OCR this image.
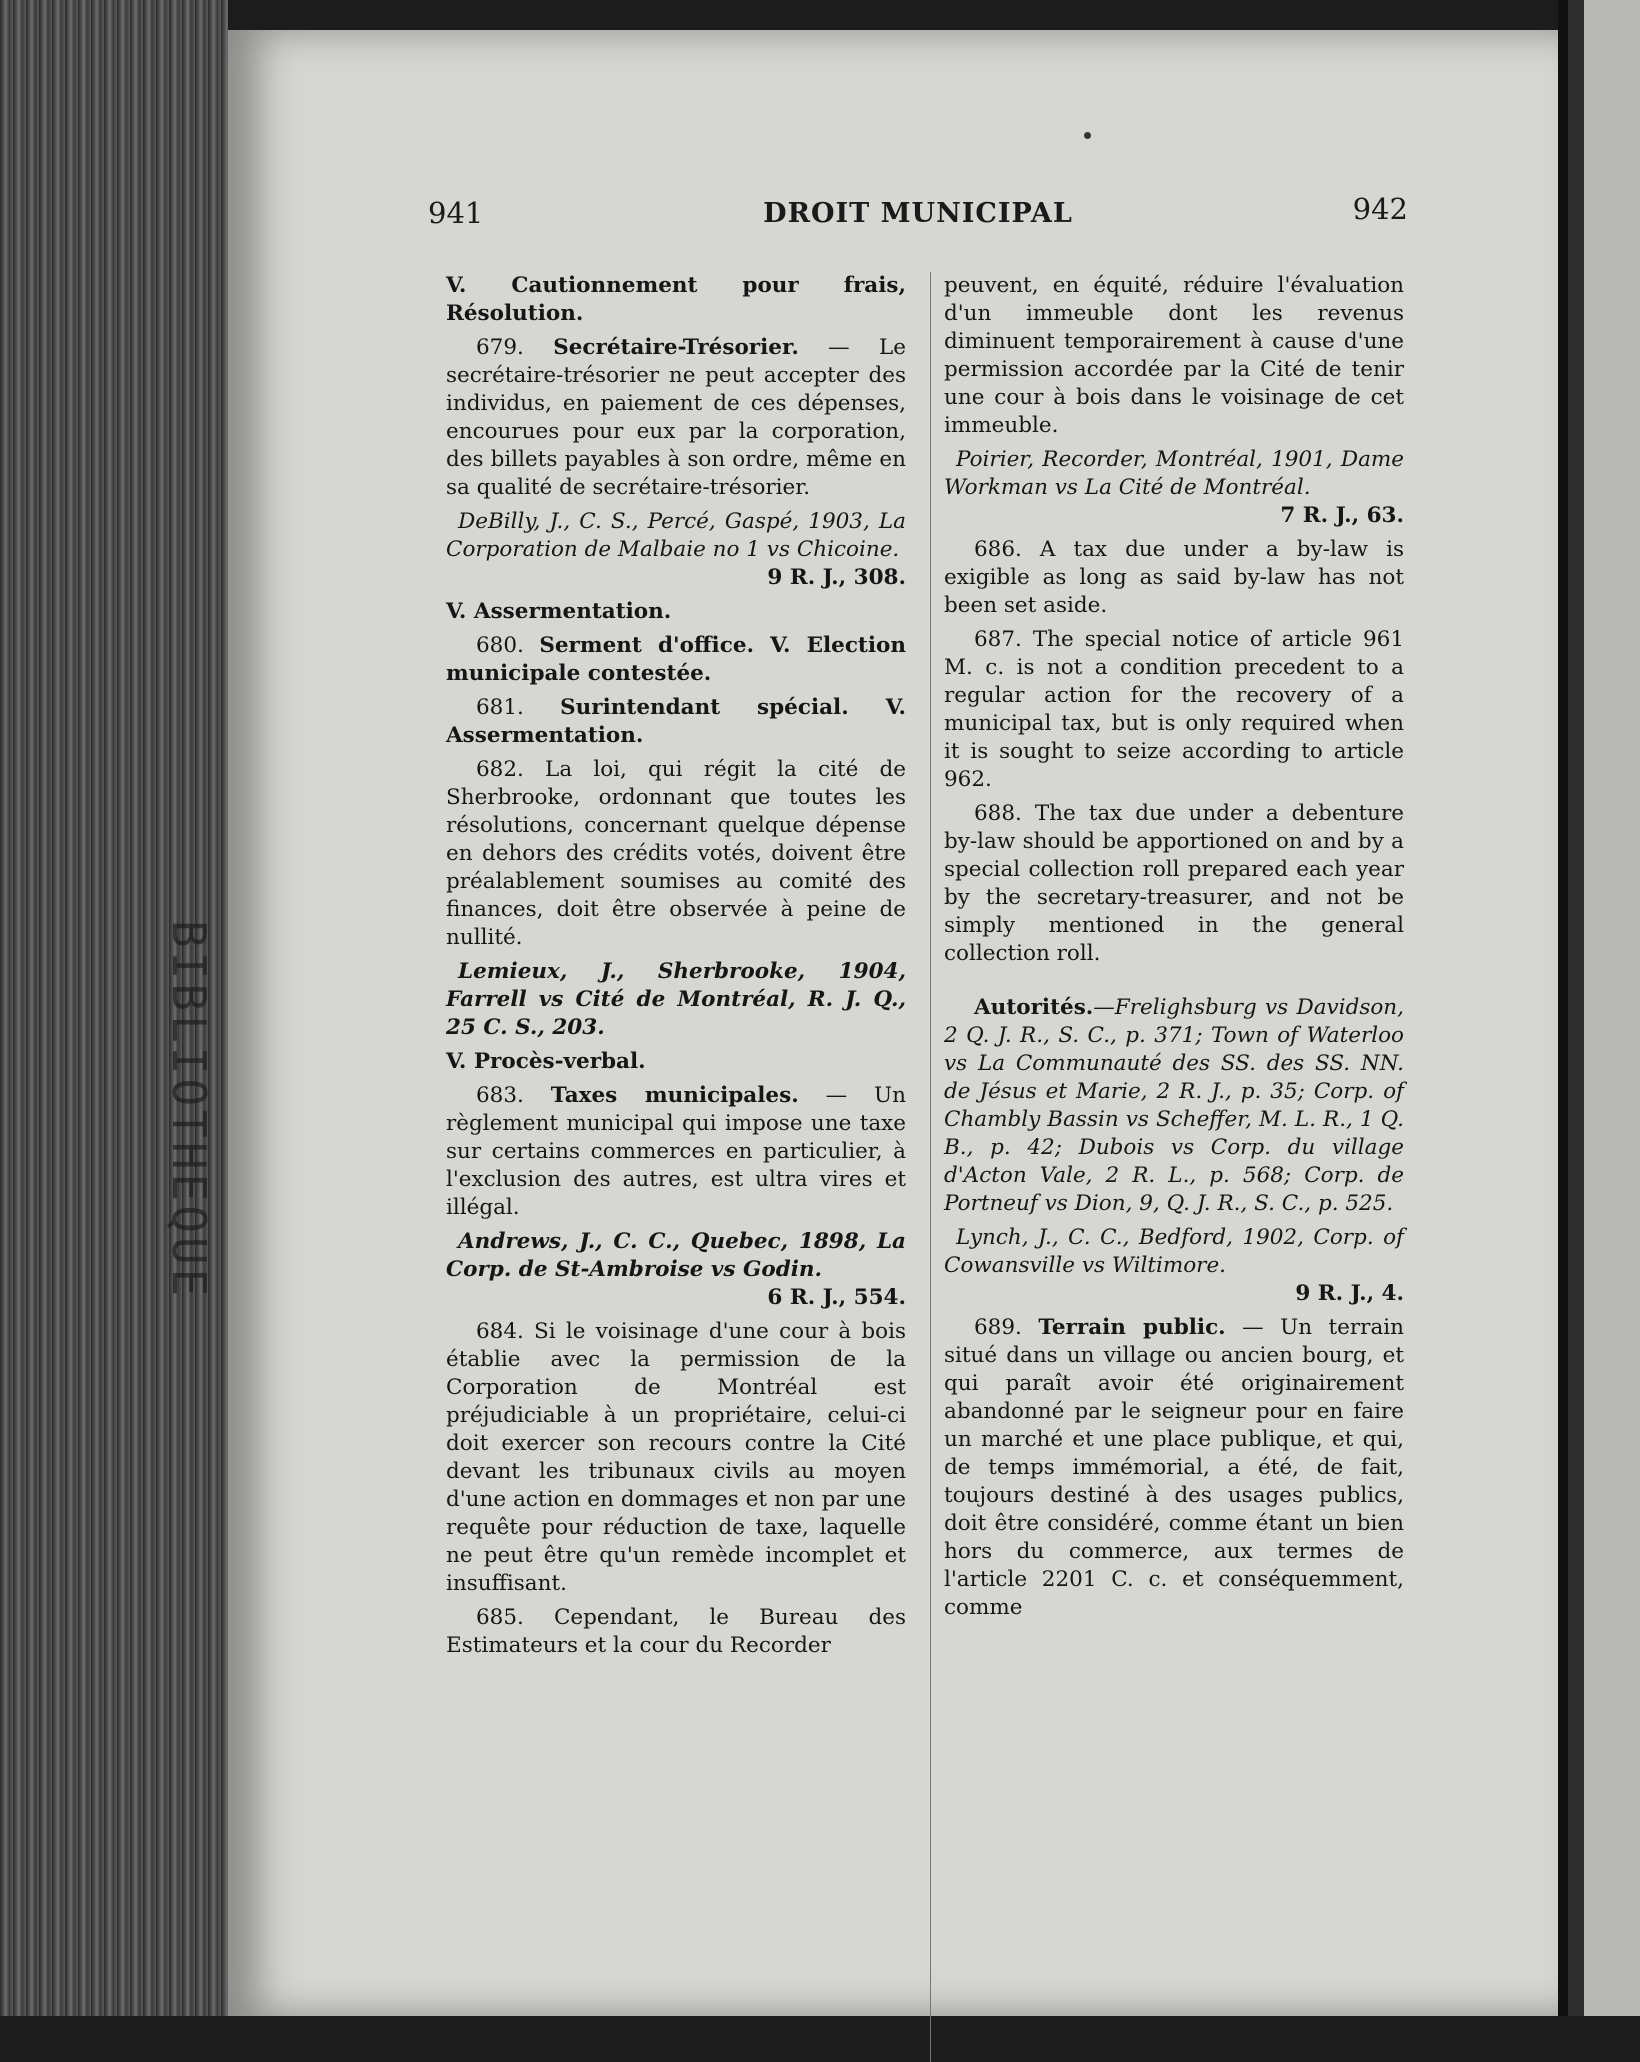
BIBLIOTHEQUE
941	DROIT MUNICIPAL	942

V. Cautionnement pour frais, Résolution.

679. Secrétaire-Trésorier. — Le secrétaire-trésorier ne peut accepter des individus, en paiement de ces dépenses, encourues pour eux par la corporation, des billets payables à son ordre, même en sa qualité de secrétaire-trésorier.

DeBilly, J., C. S., Percé, Gaspé, 1903, La Corporation de Malbaie no 1 vs Chicoine.
9 R. J., 308.

V. Assermentation.

680. Serment d'office. V. Election municipale contestée.

681. Surintendant spécial. V. Assermentation.

682. La loi, qui régit la cité de Sherbrooke, ordonnant que toutes les résolutions, concernant quelque dépense en dehors des crédits votés, doivent être préalablement soumises au comité des finances, doit être observée à peine de nullité.

Lemieux, J., Sherbrooke, 1904, Farrell vs Cité de Montréal, R. J. Q., 25 C. S., 203.

V. Procès-verbal.

683. Taxes municipales. — Un règlement municipal qui impose une taxe sur certains commerces en particulier, à l'exclusion des autres, est ultra vires et illégal.

Andrews, J., C. C., Quebec, 1898, La Corp. de St-Ambroise vs Godin.
6 R. J., 554.

684. Si le voisinage d'une cour à bois établie avec la permission de la Corporation de Montréal est préjudiciable à un propriétaire, celui-ci doit exercer son recours contre la Cité devant les tribunaux civils au moyen d'une action en dommages et non par une requête pour réduction de taxe, laquelle ne peut être qu'un remède incomplet et insuffisant.

685. Cependant, le Bureau des Estimateurs et la cour du Recorder

peuvent, en équité, réduire l'évaluation d'un immeuble dont les revenus diminuent temporairement à cause d'une permission accordée par la Cité de tenir une cour à bois dans le voisinage de cet immeuble.

Poirier, Recorder, Montréal, 1901, Dame Workman vs La Cité de Montréal.
7 R. J., 63.

686. A tax due under a by-law is exigible as long as said by-law has not been set aside.

687. The special notice of article 961 M. c. is not a condition precedent to a regular action for the recovery of a municipal tax, but is only required when it is sought to seize according to article 962.

688. The tax due under a debenture by-law should be apportioned on and by a special collection roll prepared each year by the secretary-treasurer, and not be simply mentioned in the general collection roll.

Autorités.—Frelighsburg vs Davidson, 2 Q. J. R., S. C., p. 371; Town of Waterloo vs La Communauté des SS. des SS. NN. de Jésus et Marie, 2 R. J., p. 35; Corp. of Chambly Bassin vs Scheffer, M. L. R., 1 Q. B., p. 42; Dubois vs Corp. du village d'Acton Vale, 2 R. L., p. 568; Corp. de Portneuf vs Dion, 9, Q. J. R., S. C., p. 525.

Lynch, J., C. C., Bedford, 1902, Corp. of Cowansville vs Wiltimore.
9 R. J., 4.

689. Terrain public. — Un terrain situé dans un village ou ancien bourg, et qui paraît avoir été originairement abandonné par le seigneur pour en faire un marché et une place publique, et qui, de temps immémorial, a été, de fait, toujours destiné à des usages publics, doit être considéré, comme étant un bien hors du commerce, aux termes de l'article 2201 C. c. et conséquemment, comme
